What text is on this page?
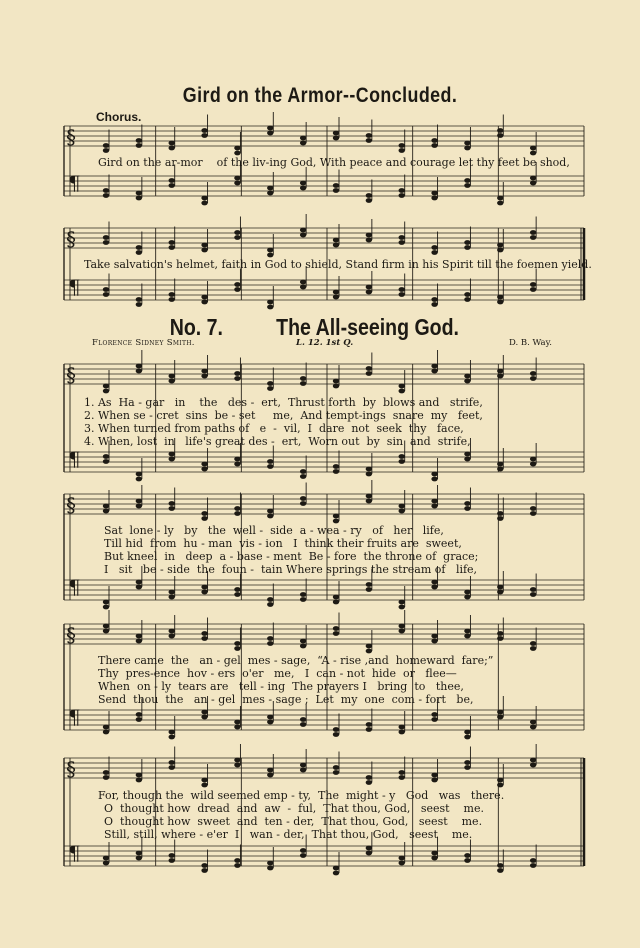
§
¶
§
¶
§
¶
§
¶
§
¶
§
¶
Gird on the Armor--Concluded.
Chorus.
Gird on the ar-mor    of the liv-ing God, With peace and courage let thy feet be shod,
Take salvation's helmet, faith in God to shield, Stand firm in his Spirit till the foemen yield.
No. 7. The All-seeing God.
Florence Sidney Smith.	L. 12. 1st Q.	D. B. Way.
1. As  Ha - gar   in    the   des -  ert,  Thrust forth  by  blows and   strife,
2. When se - cret  sins  be - set     me,  And tempt-ings  snare  my   feet,
3. When turned from paths of   e  -  vil,  I  dare  not  seek  thy   face,
4. When, lost  in   life's great des -  ert,  Worn out  by  sin  and  strife,
Sat  lone - ly   by   the  well -  side  a - wea - ry   of   her   life,
Till hid  from  hu - man  vis - ion   I  think their fruits are  sweet,
But kneel  in   deep  a - base - ment  Be - fore  the throne of  grace;
I   sit   be - side  the  foun -  tain Where springs the stream of   life,
There came  the   an - gel  mes - sage,  “A - rise ,and  homeward  fare;”
Thy  pres-ence  hov - ers  o'er   me,   I  can - not  hide  or   flee—
When  on - ly  tears are   tell - ing  The prayers I   bring  to   thee,
Send  thou  the   an - gel  mes - sage ;  Let  my  one  com - fort   be,
For, though the  wild seemed emp - ty,  The  might - y   God   was   there.
O  thought how  dread  and  aw  -  ful,  That thou, God,   seest    me.
O  thought how  sweet  and  ten - der,  That thou, God,   seest    me.
Still, still, where - e'er  I   wan - der,  That thou, God,   seest    me.
